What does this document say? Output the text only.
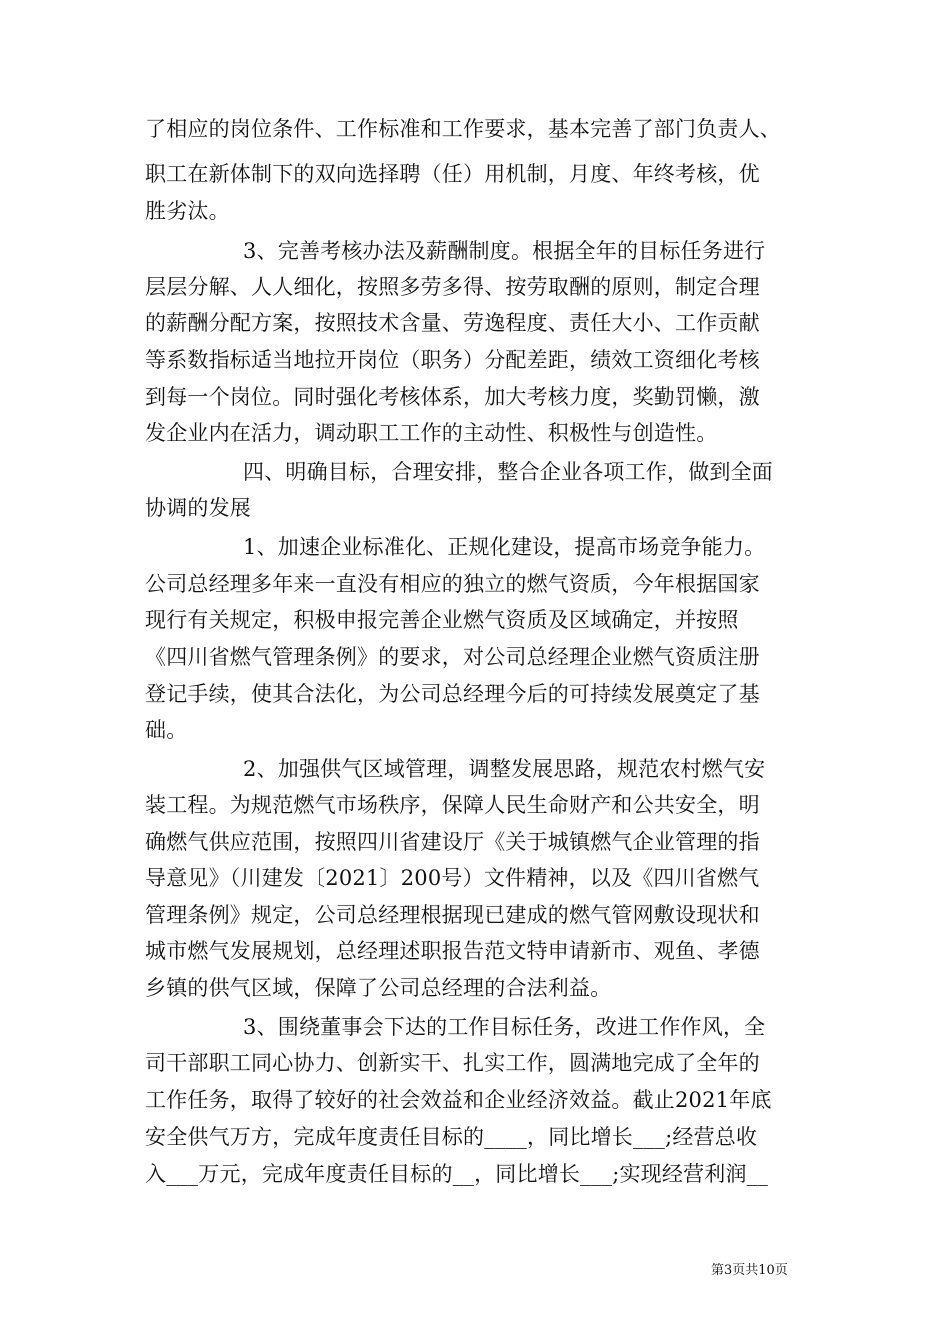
了相应的岗位条件、工作标准和工作要求，基本完善了部门负责人、
职工在新体制下的双向选择聘（任）用机制，月度、年终考核，优
胜劣汰。
3、完善考核办法及薪酬制度。根据全年的目标任务进行
层层分解、人人细化，按照多劳多得、按劳取酬的原则，制定合理
的薪酬分配方案，按照技术含量、劳逸程度、责任大小、工作贡献
等系数指标适当地拉开岗位（职务）分配差距，绩效工资细化考核
到每一个岗位。同时强化考核体系，加大考核力度，奖勤罚懒，激
发企业内在活力，调动职工工作的主动性、积极性与创造性。
四、明确目标，合理安排，整合企业各项工作，做到全面
协调的发展
1、加速企业标准化、正规化建设，提高市场竞争能力。
公司总经理多年来一直没有相应的独立的燃气资质，今年根据国家
现行有关规定，积极申报完善企业燃气资质及区域确定，并按照
《四川省燃气管理条例》的要求，对公司总经理企业燃气资质注册
登记手续，使其合法化，为公司总经理今后的可持续发展奠定了基
础。
2、加强供气区域管理，调整发展思路，规范农村燃气安
装工程。为规范燃气市场秩序，保障人民生命财产和公共安全，明
确燃气供应范围，按照四川省建设厅《关于城镇燃气企业管理的指
导意见》（川建发〔2021〕200号）文件精神，以及《四川省燃气
管理条例》规定，公司总经理根据现已建成的燃气管网敷设现状和
城市燃气发展规划，总经理述职报告范文特申请新市、观鱼、孝德
乡镇的供气区域，保障了公司总经理的合法利益。
3、围绕董事会下达的工作目标任务，改进工作作风，全
司干部职工同心协力、创新实干、扎实工作，圆满地完成了全年的
工作任务，取得了较好的社会效益和企业经济效益。截止2021年底
安全供气万方，完成年度责任目标的____，同比增长___;经营总收
入___万元，完成年度责任目标的__，同比增长___;实现经营利润__
第3页共10页
